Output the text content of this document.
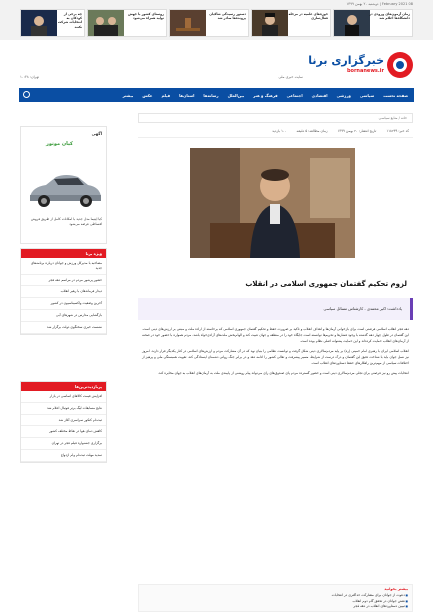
دوشنبه ۲۰ بهمن ۱۳۹۹ | February 2021 08
زمان آزمون‌های ورودی در دانشگاه‌ها اعلام شد
حوزه‌های علمیه در مرحله فعال‌سازی
دستور رسیدگی شاکیان پرونده‌ها صادر شد
روستای کشور با جهش تولید همراه می‌شود
چه برخی از کودکان به انتخابات شرکت نکنند
خبرگزاری برنا
bornanews.ir
سایت خبری ملی
تهران: ۱۰:۴۸
صفحه نخست
سیاسی
ورزشی
اقتصادی
اجتماعی
فرهنگ و هنر
بین‌الملل
رسانه‌ها
استان‌ها
فیلم
عکس
بیشتر
خانه / منابع سیاسی
کد خبر: ۱۱۸۲۳۹
تاریخ انتشار: ۲۰ بهمن ۱۳۹۹
زمان مطالعه: ۵ دقیقه
۱۰۰ بازدید
لزوم تحکیم گفتمان جمهوری اسلامی در انقلاب
یادداشت: اکبر محمدی - کارشناس مسائل سیاسی

دهه فجر انقلاب اسلامی فرصتی است برای بازخوانی آرمان‌ها و اهداف انقلاب و تاکید بر ضرورت حفظ و تحکیم گفتمان جمهوری اسلامی که برخاسته از اراده ملت و مبتنی بر ارزش‌های دینی است. این گفتمان در طول چهار دهه گذشته با وجود فشارها و تحریم‌ها توانسته است جایگاه خود را در منطقه و جهان تثبیت کند و الهام‌بخش ملت‌های آزادی‌خواه باشد. مردم همواره با حضور خود در صحنه از آرمان‌های انقلاب حمایت کرده‌اند و این حمایت پشتوانه اصلی نظام بوده است.

انقلاب اسلامی ایران با رهبری امام خمینی (ره) بر پایه مردم‌سالاری دینی شکل گرفت و توانست نظامی را بنیان نهد که در آن مشارکت مردم و ارزش‌های اسلامی در کنار یکدیگر قرار دارند. امروز نیز نسل جوان باید با شناخت دقیق این گفتمان و درک درست از شرایط، مسیر پیشرفت و تعالی کشور را ادامه دهد و در برابر جنگ روانی دشمنان ایستادگی کند. تقویت همبستگی ملی و پرهیز از اختلافات سیاسی از مهم‌ترین راهکارهای حفظ دستاوردهای انقلاب است.

انتخابات پیش رو نیز فرصتی برای تجلی مردم‌سالاری دینی است و حضور گسترده مردم پای صندوق‌های رای می‌تواند پیام روشنی از پایبندی ملت به آرمان‌های انقلاب به جهان مخابره کند.

بیشتر بخوانید
■ دعوت از جوانان برای مشارکت حداکثری در انتخابات
■ نقش جوانان در تحقق گام دوم انقلاب
■ تبیین دستاوردهای انقلاب در دهه فجر
آگهی
کیان موتور
کیا اپتیما مدل جدید با امکانات کامل از طریق فروش اقساطی عرضه می‌شود
ویژه برنا
مصاحبه با مدیرکل ورزش و جوانان درباره برنامه‌های جدید
حضور پرشور مردم در مراسم دهه فجر
دیدار فرماندهان با رهبر انقلاب
آخرین وضعیت واکسیناسیون در کشور
بازگشایی مدارس در شهرهای آبی
نشست خبری سخنگوی دولت برگزار شد
پربازدیدترین‌ها
افزایش قیمت کالاهای اساسی در بازار
نتایج مسابقات لیگ برتر فوتبال اعلام شد
ثبت‌نام کنکور سراسری آغاز شد
کاهش دمای هوا در نقاط مختلف کشور
برگزاری جشنواره فیلم فجر در تهران
تمدید مهلت ثبت‌نام وام ازدواج
